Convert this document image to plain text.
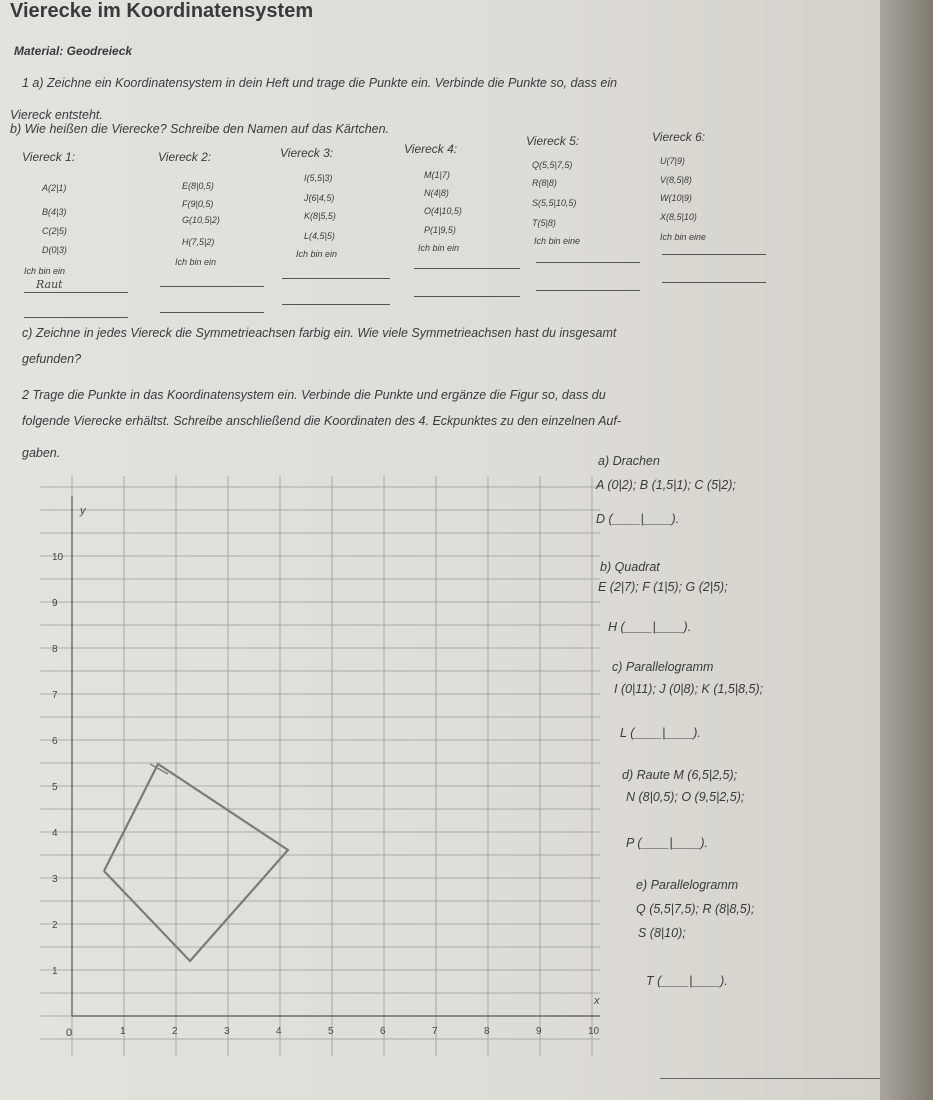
Vierecke im Koordinatensystem
Material: Geodreieck
1 a) Zeichne ein Koordinatensystem in dein Heft und trage die Punkte ein. Verbinde die Punkte so, dass ein
Viereck entsteht.
b) Wie heißen die Vierecke? Schreibe den Namen auf das Kärtchen.
Viereck 1:
A(2|1)
B(4|3)
C(2|5)
D(0|3)
Ich bin ein
Raut
Viereck 2:
E(8|0,5)
F(9|0,5)
G(10,5|2)
H(7,5|2)
Ich bin ein
Viereck 3:
I(5,5|3)
J(6|4,5)
K(8|5,5)
L(4,5|5)
Ich bin ein
Viereck 4:
M(1|7)
N(4|8)
O(4|10,5)
P(1|9,5)
Ich bin ein
Viereck 5:
Q(5,5|7,5)
R(8|8)
S(5,5|10,5)
T(5|8)
Ich bin eine
Viereck 6:
U(7|9)
V(8,5|8)
W(10|9)
X(8,5|10)
Ich bin eine
c) Zeichne in jedes Viereck die Symmetrieachsen farbig ein. Wie viele Symmetrieachsen hast du insgesamt
gefunden?
2 Trage die Punkte in das Koordinatensystem ein. Verbinde die Punkte und ergänze die Figur so, dass du
folgende Vierecke erhältst. Schreibe anschließend die Koordinaten des 4. Eckpunktes zu den einzelnen Auf-
gaben.
y
x
0
10
9
8
7
6
5
4
3
2
1
1	2	3	4	5	6	7	8	9	10
a) Drachen
A (0|2); B (1,5|1); C (5|2);
D (____|____).
b) Quadrat
E (2|7); F (1|5); G (2|5);
H (____|____).
c) Parallelogramm
I (0|11); J (0|8); K (1,5|8,5);
L (____|____).
d) Raute M (6,5|2,5);
N (8|0,5); O (9,5|2,5);
P (____|____).
e) Parallelogramm
Q (5,5|7,5); R (8|8,5);
S (8|10);
T (____|____).
